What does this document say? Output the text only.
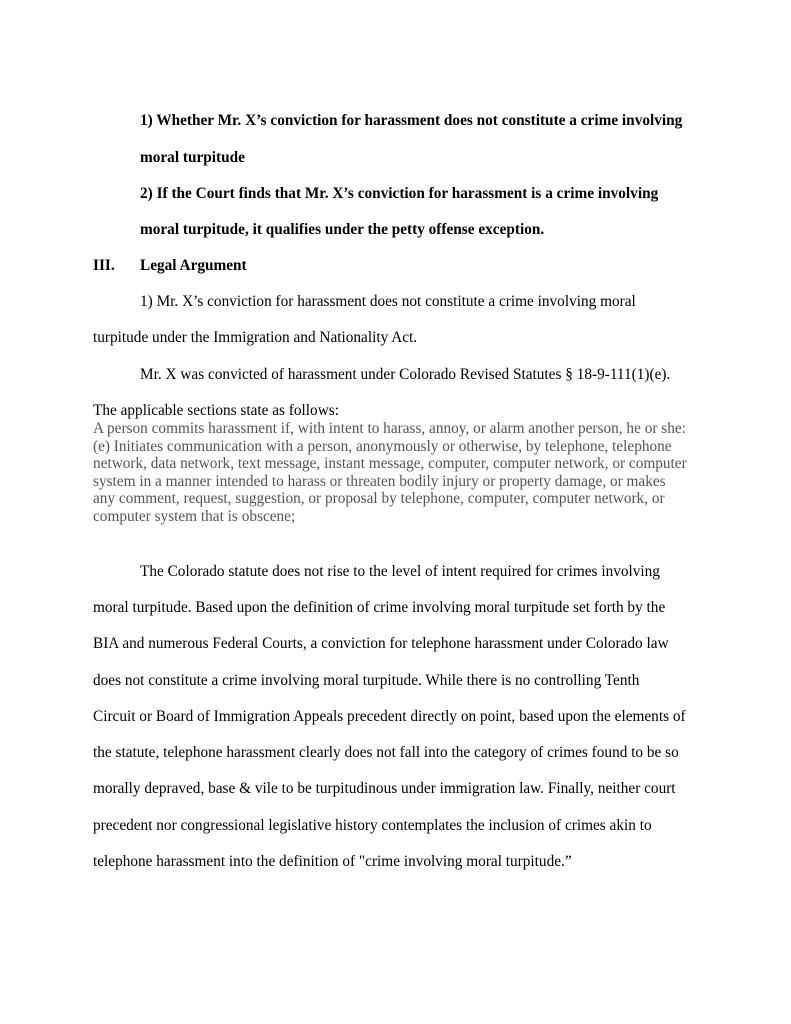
1) Whether Mr. X’s conviction for harassment does not constitute a crime involving
moral turpitude
2) If the Court finds that Mr. X’s conviction for harassment is a crime involving
moral turpitude, it qualifies under the petty offense exception.
III. Legal Argument
1) Mr. X’s conviction for harassment does not constitute a crime involving moral
turpitude under the Immigration and Nationality Act.
Mr. X was convicted of harassment under Colorado Revised Statutes § 18-9-111(1)(e).
The applicable sections state as follows:

A person commits harassment if, with intent to harass, annoy, or alarm another person, he or she:

(e) Initiates communication with a person, anonymously or otherwise, by telephone, telephone

network, data network, text message, instant message, computer, computer network, or computer

system in a manner intended to harass or threaten bodily injury or property damage, or makes

any comment, request, suggestion, or proposal by telephone, computer, computer network, or

computer system that is obscene;

The Colorado statute does not rise to the level of intent required for crimes involving
moral turpitude. Based upon the definition of crime involving moral turpitude set forth by the
BIA and numerous Federal Courts, a conviction for telephone harassment under Colorado law
does not constitute a crime involving moral turpitude. While there is no controlling Tenth
Circuit or Board of Immigration Appeals precedent directly on point, based upon the elements of
the statute, telephone harassment clearly does not fall into the category of crimes found to be so
morally depraved, base & vile to be turpitudinous under immigration law. Finally, neither court
precedent nor congressional legislative history contemplates the inclusion of crimes akin to
telephone harassment into the definition of "crime involving moral turpitude.”
